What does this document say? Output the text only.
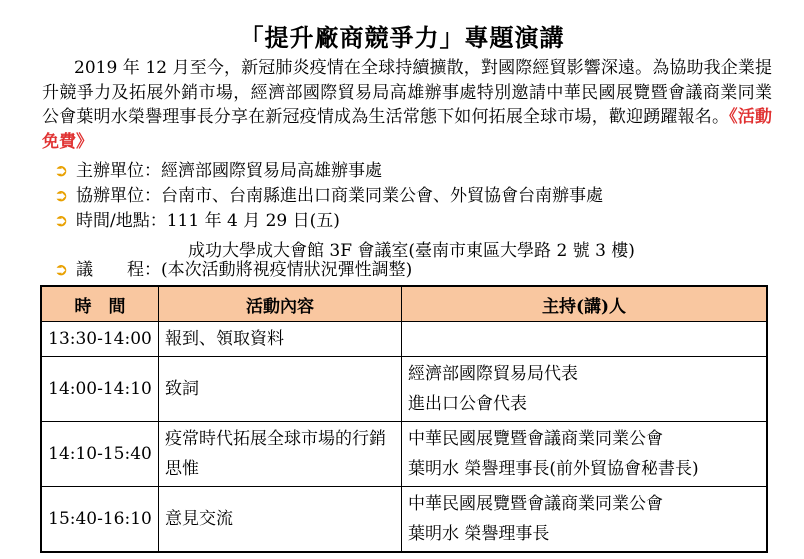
「提升廠商競爭力」專題演講
2019 年 12 月至今，新冠肺炎疫情在全球持續擴散，對國際經貿影響深遠。為協助我企業提升競爭力及拓展外銷市場，經濟部國際貿易局高雄辦事處特別邀請中華民國展覽暨會議商業同業公會葉明水榮譽理事長分享在新冠疫情成為生活常態下如何拓展全球市場，歡迎踴躍報名。《活動免費》
➲ 主辦單位：經濟部國際貿易局高雄辦事處
➲ 協辦單位：台南市、台南縣進出口商業同業公會、外貿協會台南辦事處
➲ 時間/地點：111 年 4 月 29 日(五)
成功大學成大會館 3F 會議室(臺南市東區大學路 2 號 3 樓)
➲ 議　　程：(本次活動將視疫情狀況彈性調整)
時　間	活動內容	主持(講)人
13:30-14:00	報到、領取資料	
14:00-14:10	致詞	經濟部國際貿易局代表
進出口公會代表

14:10-15:40	疫常時代拓展全球市場的行銷思惟	中華民國展覽暨會議商業同業公會
葉明水 榮譽理事長(前外貿協會秘書長)

15:40-16:10	意見交流	中華民國展覽暨會議商業同業公會
葉明水 榮譽理事長
